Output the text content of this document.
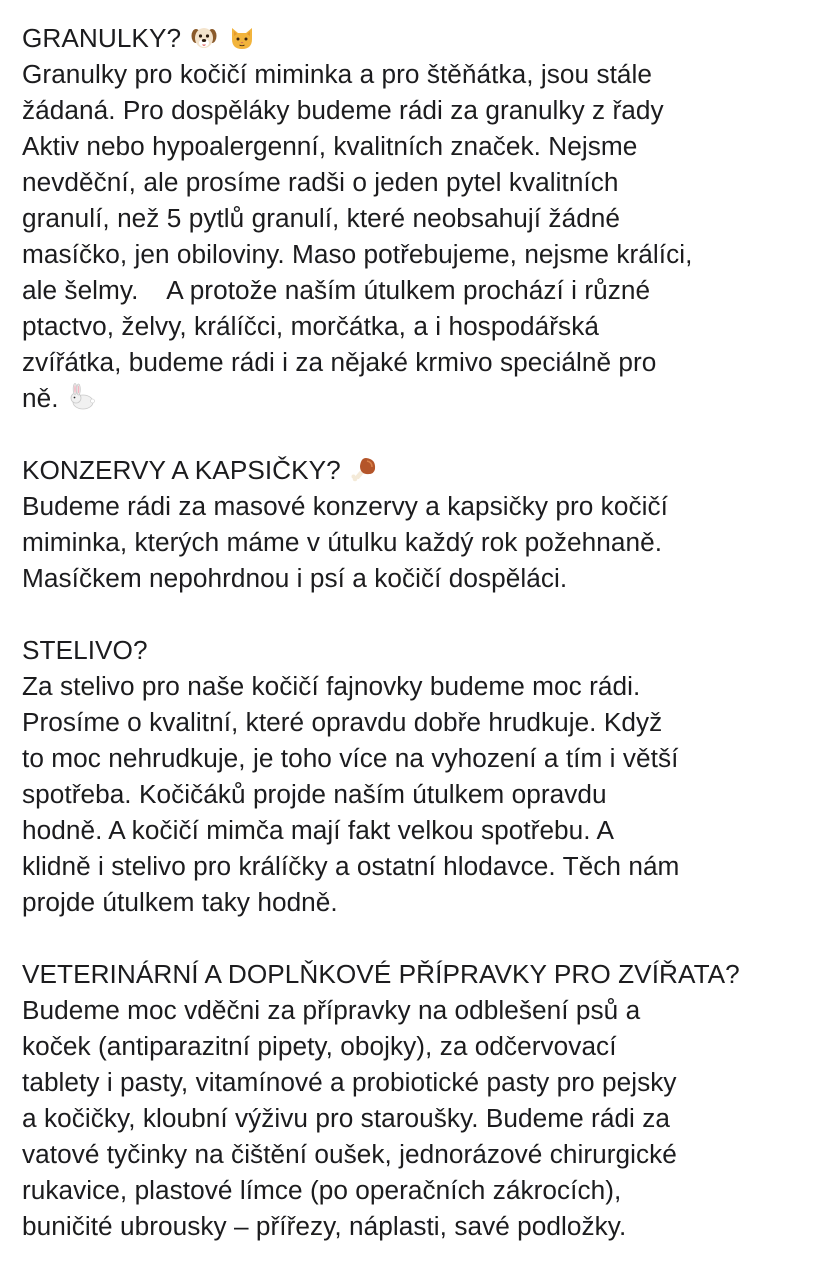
GRANULKY?

Granulky pro kočičí miminka a pro štěňátka, jsou stále
žádaná. Pro dospěláky budeme rádi za granulky z řady
Aktiv nebo hypoalergenní, kvalitních značek. Nejsme
nevděční, ale prosíme radši o jeden pytel kvalitních
granulí, než 5 pytlů granulí, které neobsahují žádné
masíčko, jen obiloviny. Maso potřebujeme, nejsme králíci,
ale šelmy.    A protože naším útulkem prochází i různé
ptactvo, želvy, králíčci, morčátka, a i hospodářská
zvířátka, budeme rádi i za nějaké krmivo speciálně pro
ně.
KONZERVY A KAPSIČKY?
Budeme rádi za masové konzervy a kapsičky pro kočičí
miminka, kterých máme v útulku každý rok požehnaně.
Masíčkem nepohrdnou i psí a kočičí dospěláci.
STELIVO?
Za stelivo pro naše kočičí fajnovky budeme moc rádi.
Prosíme o kvalitní, které opravdu dobře hrudkuje. Když
to moc nehrudkuje, je toho více na vyhození a tím i větší
spotřeba. Kočičáků projde naším útulkem opravdu
hodně. A kočičí mimča mají fakt velkou spotřebu. A
klidně i stelivo pro králíčky a ostatní hlodavce. Těch nám
projde útulkem taky hodně.
VETERINÁRNÍ A DOPLŇKOVÉ PŘÍPRAVKY PRO ZVÍŘATA?
Budeme moc vděčni za přípravky na odblešení psů a
koček (antiparazitní pipety, obojky), za odčervovací
tablety i pasty, vitamínové a probiotické pasty pro pejsky
a kočičky, kloubní výživu pro staroušky. Budeme rádi za
vatové tyčinky na čištění oušek, jednorázové chirurgické
rukavice, plastové límce (po operačních zákrocích),
buničité ubrousky – přířezy, náplasti, savé podložky.
